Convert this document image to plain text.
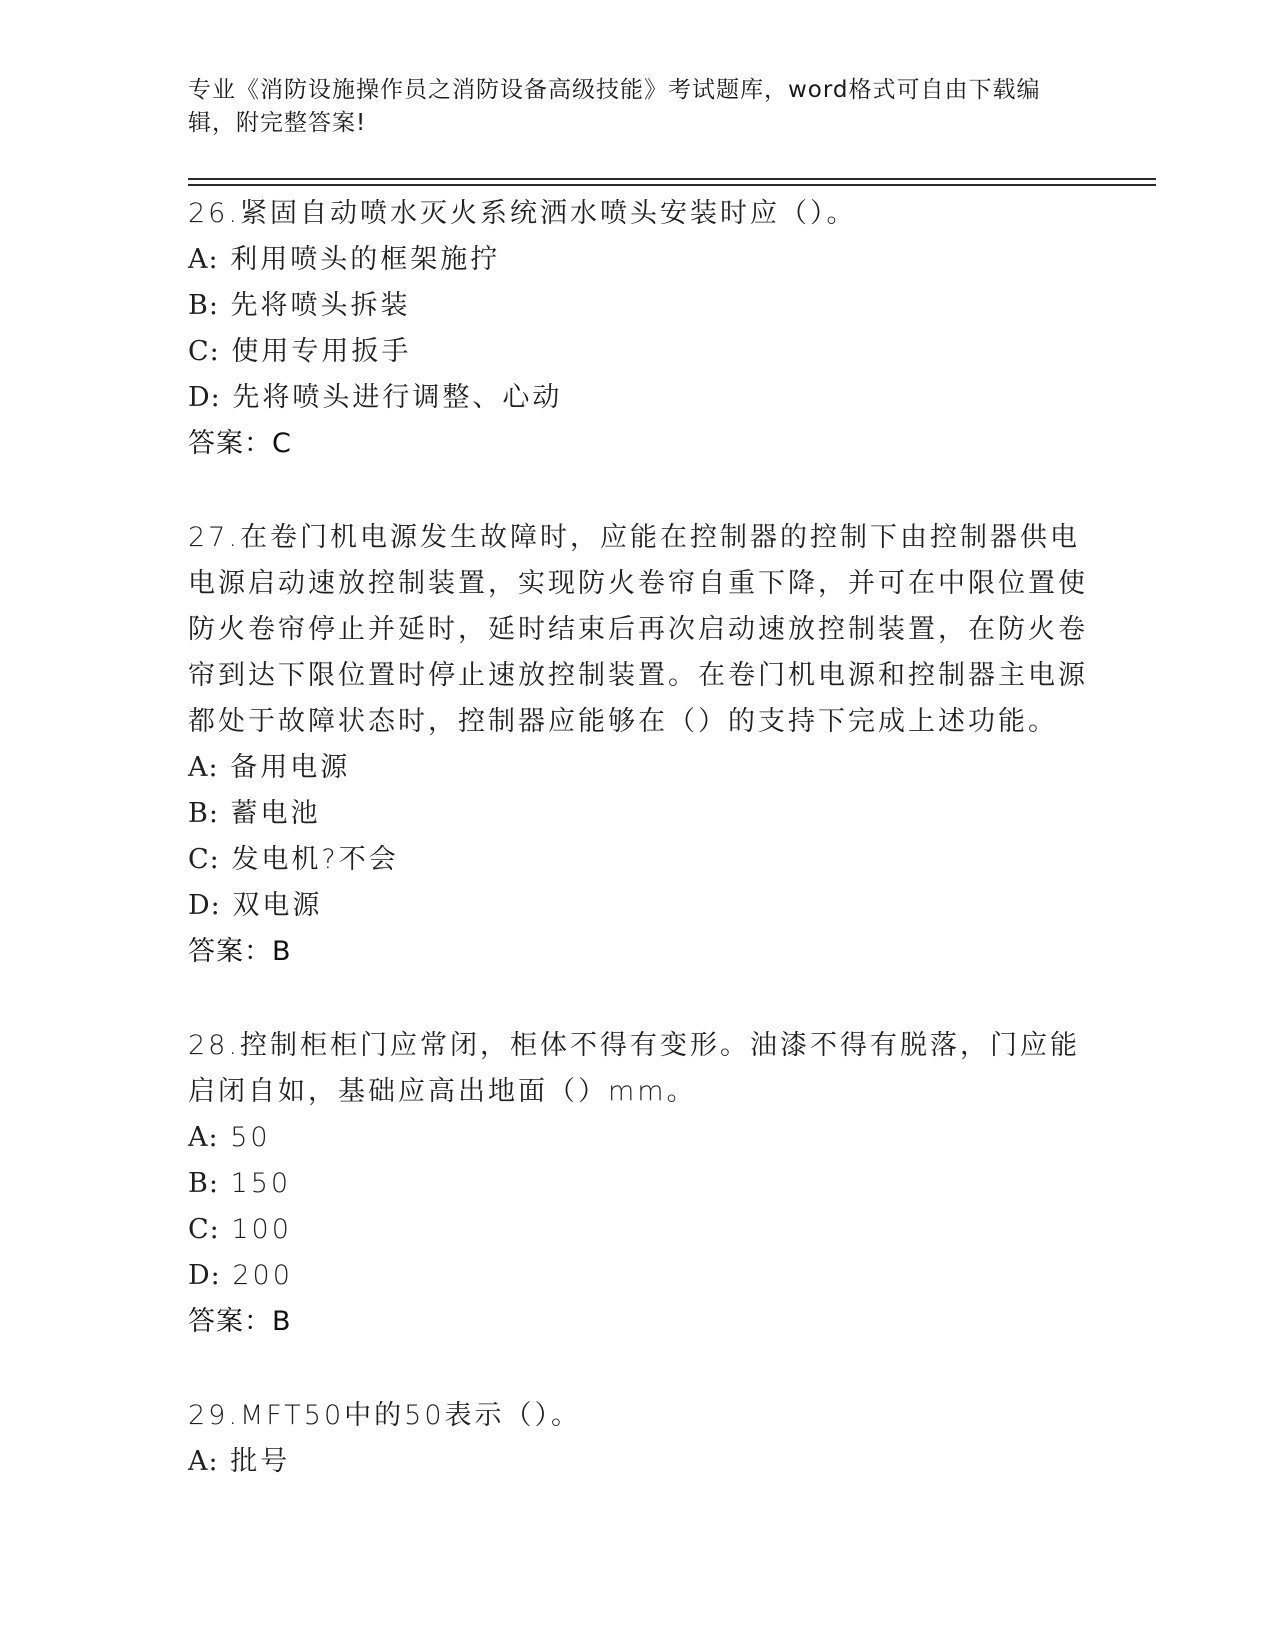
专业《消防设施操作员之消防设备高级技能》考试题库，word格式可自由下载编辑，附完整答案!
26.紧固自动喷水灭火系统洒水喷头安装时应（）。
A: 利用喷头的框架施拧
B: 先将喷头拆装
C: 使用专用扳手
D: 先将喷头进行调整、心动
答案：C
27.在卷门机电源发生故障时，应能在控制器的控制下由控制器供电电源启动速放控制装置，实现防火卷帘自重下降，并可在中限位置使防火卷帘停止并延时，延时结束后再次启动速放控制装置，在防火卷帘到达下限位置时停止速放控制装置。在卷门机电源和控制器主电源都处于故障状态时，控制器应能够在（）的支持下完成上述功能。
A: 备用电源
B: 蓄电池
C: 发电机?不会
D: 双电源
答案：B
28.控制柜柜门应常闭，柜体不得有变形。油漆不得有脱落，门应能启闭自如，基础应高出地面（）mm。
A: 50
B: 150
C: 100
D: 200
答案：B
29.MFT50中的50表示（）。
A: 批号
